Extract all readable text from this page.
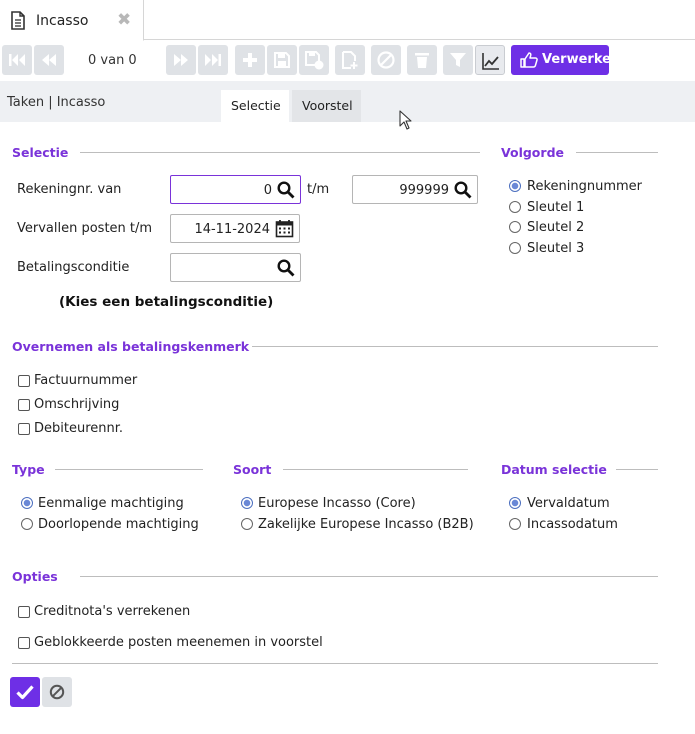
Incasso ✖
0 van 0	Verwerken
Taken | Incasso	Selectie	Voorstel
Selectie
Rekeningnr. van	0	t/m	999999
Vervallen posten t/m	14-11-2024
Betalingsconditie
(Kies een betalingsconditie)
Volgorde
Rekeningnummer
Sleutel 1
Sleutel 2
Sleutel 3
Overnemen als betalingskenmerk
Factuurnummer
Omschrijving
Debiteurennr.
Type
Eenmalige machtiging
Doorlopende machtiging
Soort
Europese Incasso (Core)
Zakelijke Europese Incasso (B2B)
Datum selectie
Vervaldatum
Incassodatum
Opties
Creditnota's verrekenen
Geblokkeerde posten meenemen in voorstel
